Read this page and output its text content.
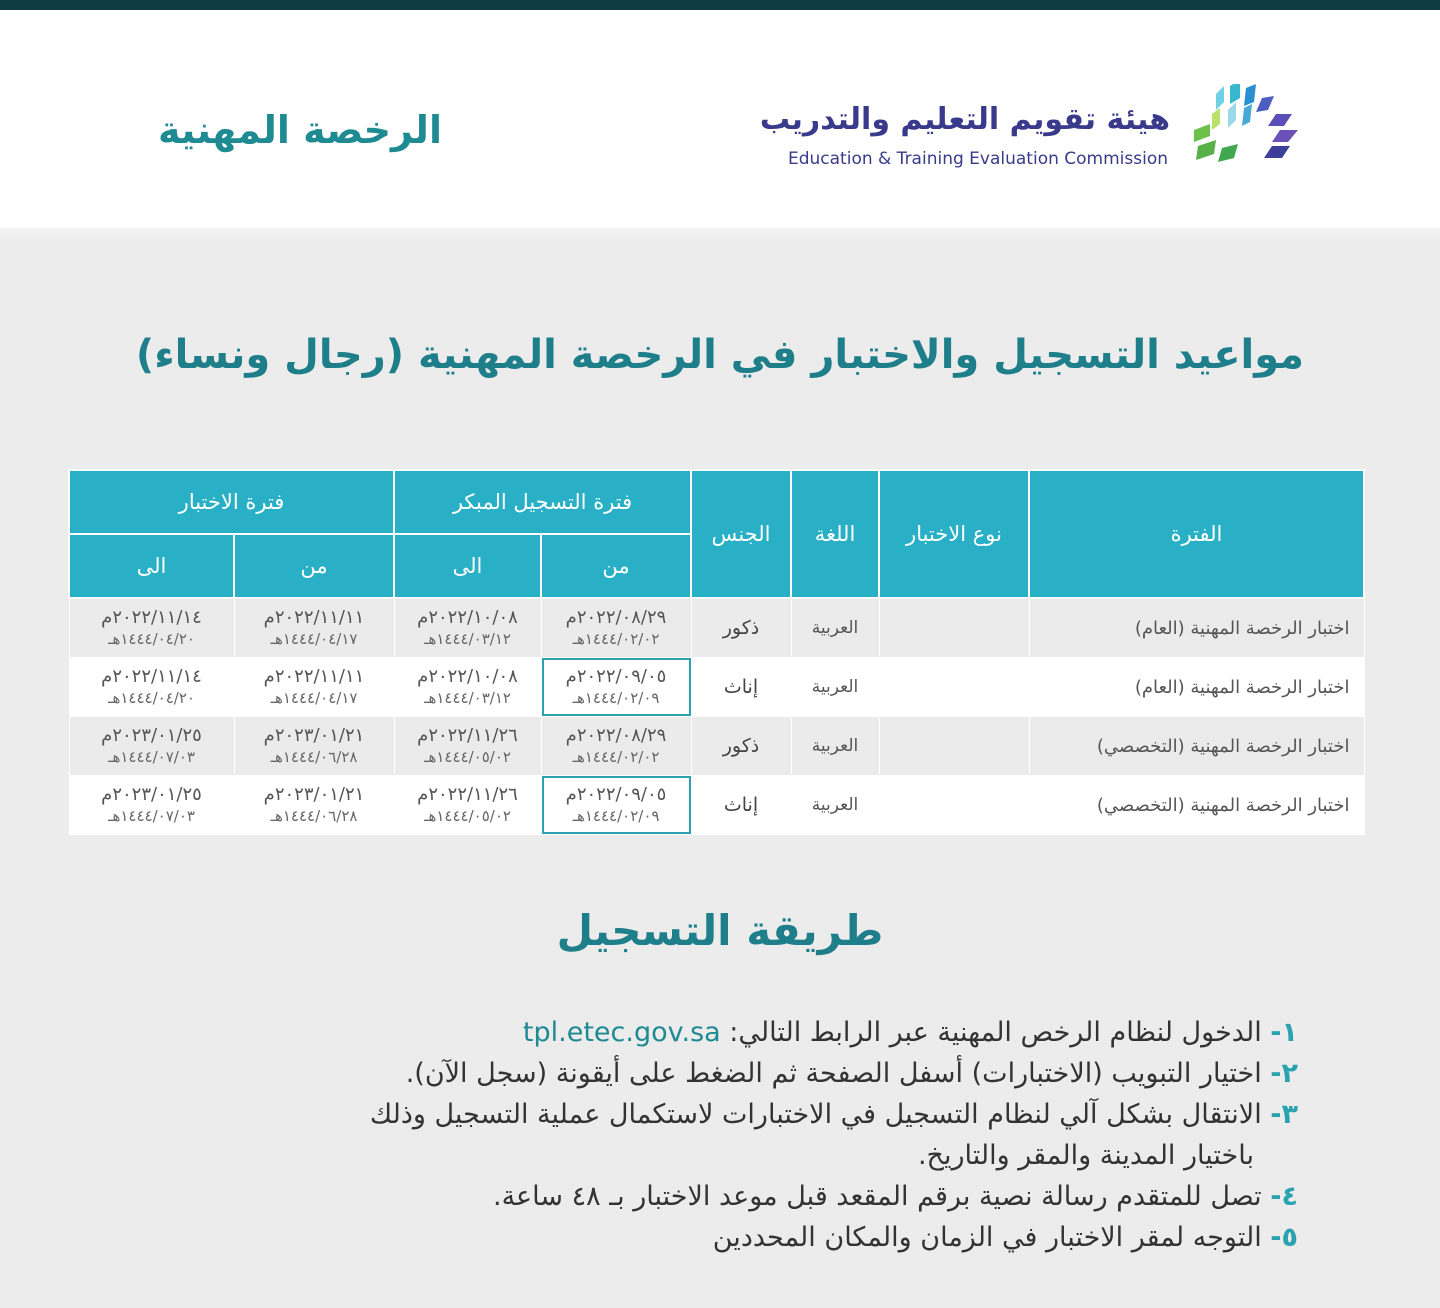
الرخصة المهنية	هيئة تقويم التعليم والتدريب
Education & Training Evaluation Commission
مواعيد التسجيل والاختبار في الرخصة المهنية (رجال ونساء)
الفترة	نوع الاختبار	اللغة	الجنس	فترة التسجيل المبكر		فترة الاختبار	
				من	الى	من	الى
اختبار الرخصة المهنية (العام)		العربية	ذكور	٢٠٢٢/٠٨/٢٩م
١٤٤٤/٠٢/٠٢هـ	٢٠٢٢/١٠/٠٨م
١٤٤٤/٠٣/١٢هـ	٢٠٢٢/١١/١١م
١٤٤٤/٠٤/١٧هـ	٢٠٢٢/١١/١٤م
١٤٤٤/٠٤/٢٠هـ

اختبار الرخصة المهنية (العام)		العربية	إناث	٢٠٢٢/٠٩/٠٥م
١٤٤٤/٠٢/٠٩هـ	٢٠٢٢/١٠/٠٨م
١٤٤٤/٠٣/١٢هـ	٢٠٢٢/١١/١١م
١٤٤٤/٠٤/١٧هـ	٢٠٢٢/١١/١٤م
١٤٤٤/٠٤/٢٠هـ

اختبار الرخصة المهنية (التخصصي)		العربية	ذكور	٢٠٢٢/٠٨/٢٩م
١٤٤٤/٠٢/٠٢هـ	٢٠٢٢/١١/٢٦م
١٤٤٤/٠٥/٠٢هـ	٢٠٢٣/٠١/٢١م
١٤٤٤/٠٦/٢٨هـ	٢٠٢٣/٠١/٢٥م
١٤٤٤/٠٧/٠٣هـ

اختبار الرخصة المهنية (التخصصي)		العربية	إناث	٢٠٢٢/٠٩/٠٥م
١٤٤٤/٠٢/٠٩هـ	٢٠٢٢/١١/٢٦م
١٤٤٤/٠٥/٠٢هـ	٢٠٢٣/٠١/٢١م
١٤٤٤/٠٦/٢٨هـ	٢٠٢٣/٠١/٢٥م
١٤٤٤/٠٧/٠٣هـ
طريقة التسجيل
١- الدخول لنظام الرخص المهنية عبر الرابط التالي: tpl.etec.gov.sa
٢- اختيار التبويب (الاختبارات) أسفل الصفحة ثم الضغط على أيقونة (سجل الآن).
٣- الانتقال بشكل آلي لنظام التسجيل في الاختبارات لاستكمال عملية التسجيل وذلك
باختيار المدينة والمقر والتاريخ.
٤- تصل للمتقدم رسالة نصية برقم المقعد قبل موعد الاختبار بـ ٤٨ ساعة.
٥- التوجه لمقر الاختبار في الزمان والمكان المحددين
